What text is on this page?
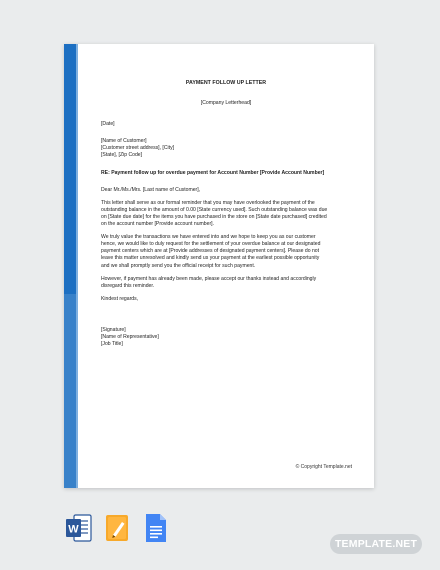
PAYMENT FOLLOW UP LETTER
[Company Letterhead]
[Date]
[Name of Customer]
[Customer street address], [City]
[State], [Zip Code]
RE: Payment follow up for overdue payment for Account Number [Provide Account Number]
Dear Mr./Ms./Mrs. [Last name of Customer],
This letter shall serve as our formal reminder that you may have overlooked the payment of the
outstanding balance in the amount of 0.00 [State currency used]. Such outstanding balance was due
on [State due date] for the items you have purchased in the store on [State date purchased] credited
on the account number [Provide account number].
We truly value the transactions we have entered into and we hope to keep you as our customer
hence, we would like to duly request for the settlement of your overdue balance at our designated
payment centers which are at [Provide addresses of designated payment centers]. Please do not
leave this matter unresolved and kindly send us your payment at the earliest possible opportunity
and we shall promptly send you the official receipt for such payment.
However, if payment has already been made, please accept our thanks instead and accordingly
disregard this reminder.
Kindest regards,
[Signature]
[Name of Representative]
[Job Title]
© Copyright Template.net
W
TEMPLATE.NET
